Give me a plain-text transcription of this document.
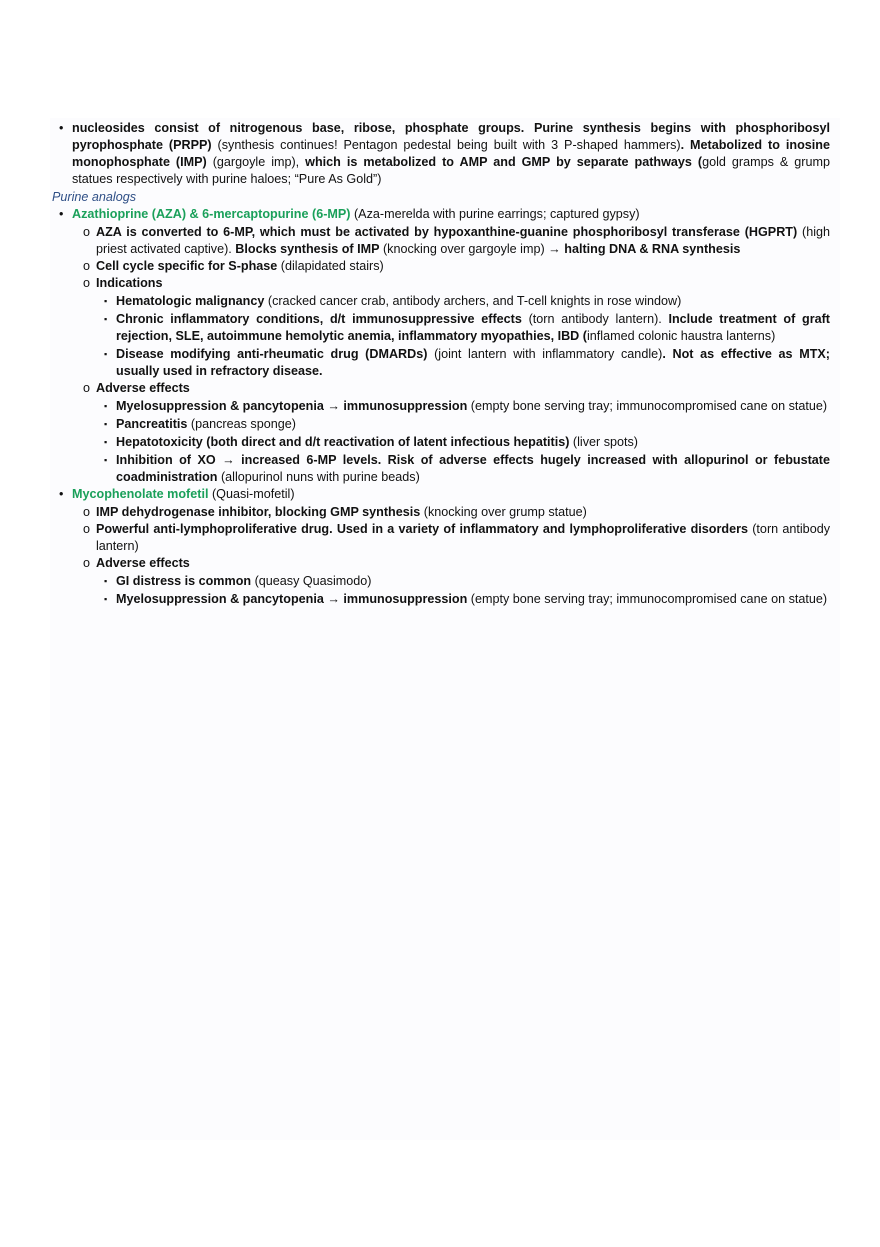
• nucleosides consist of nitrogenous base, ribose, phosphate groups. Purine synthesis begins with phosphoribosyl pyrophosphate (PRPP) (synthesis continues! Pentagon pedestal being built with 3 P-shaped hammers). Metabolized to inosine monophosphate (IMP) (gargoyle imp), which is metabolized to AMP and GMP by separate pathways (gold gramps & grump statues respectively with purine haloes; “Pure As Gold”)
Purine analogs
• Azathioprine (AZA) & 6-mercaptopurine (6-MP) (Aza-merelda with purine earrings; captured gypsy)
o AZA is converted to 6-MP, which must be activated by hypoxanthine-guanine phosphoribosyl transferase (HGPRT) (high priest activated captive). Blocks synthesis of IMP (knocking over gargoyle imp) → halting DNA & RNA synthesis
o Cell cycle specific for S-phase (dilapidated stairs)
o Indications
▪ Hematologic malignancy (cracked cancer crab, antibody archers, and T-cell knights in rose window)
▪ Chronic inflammatory conditions, d/t immunosuppressive effects (torn antibody lantern). Include treatment of graft rejection, SLE, autoimmune hemolytic anemia, inflammatory myopathies, IBD (inflamed colonic haustra lanterns)
▪ Disease modifying anti-rheumatic drug (DMARDs) (joint lantern with inflammatory candle). Not as effective as MTX; usually used in refractory disease.
o Adverse effects
▪ Myelosuppression & pancytopenia → immunosuppression (empty bone serving tray; immunocompromised cane on statue)
▪ Pancreatitis (pancreas sponge)
▪ Hepatotoxicity (both direct and d/t reactivation of latent infectious hepatitis) (liver spots)
▪ Inhibition of XO → increased 6-MP levels. Risk of adverse effects hugely increased with allopurinol or febustate coadministration (allopurinol nuns with purine beads)
• Mycophenolate mofetil (Quasi-mofetil)
o IMP dehydrogenase inhibitor, blocking GMP synthesis (knocking over grump statue)
o Powerful anti-lymphoproliferative drug. Used in a variety of inflammatory and lymphoproliferative disorders (torn antibody lantern)
o Adverse effects
▪ GI distress is common (queasy Quasimodo)
▪ Myelosuppression & pancytopenia → immunosuppression (empty bone serving tray; immunocompromised cane on statue)
